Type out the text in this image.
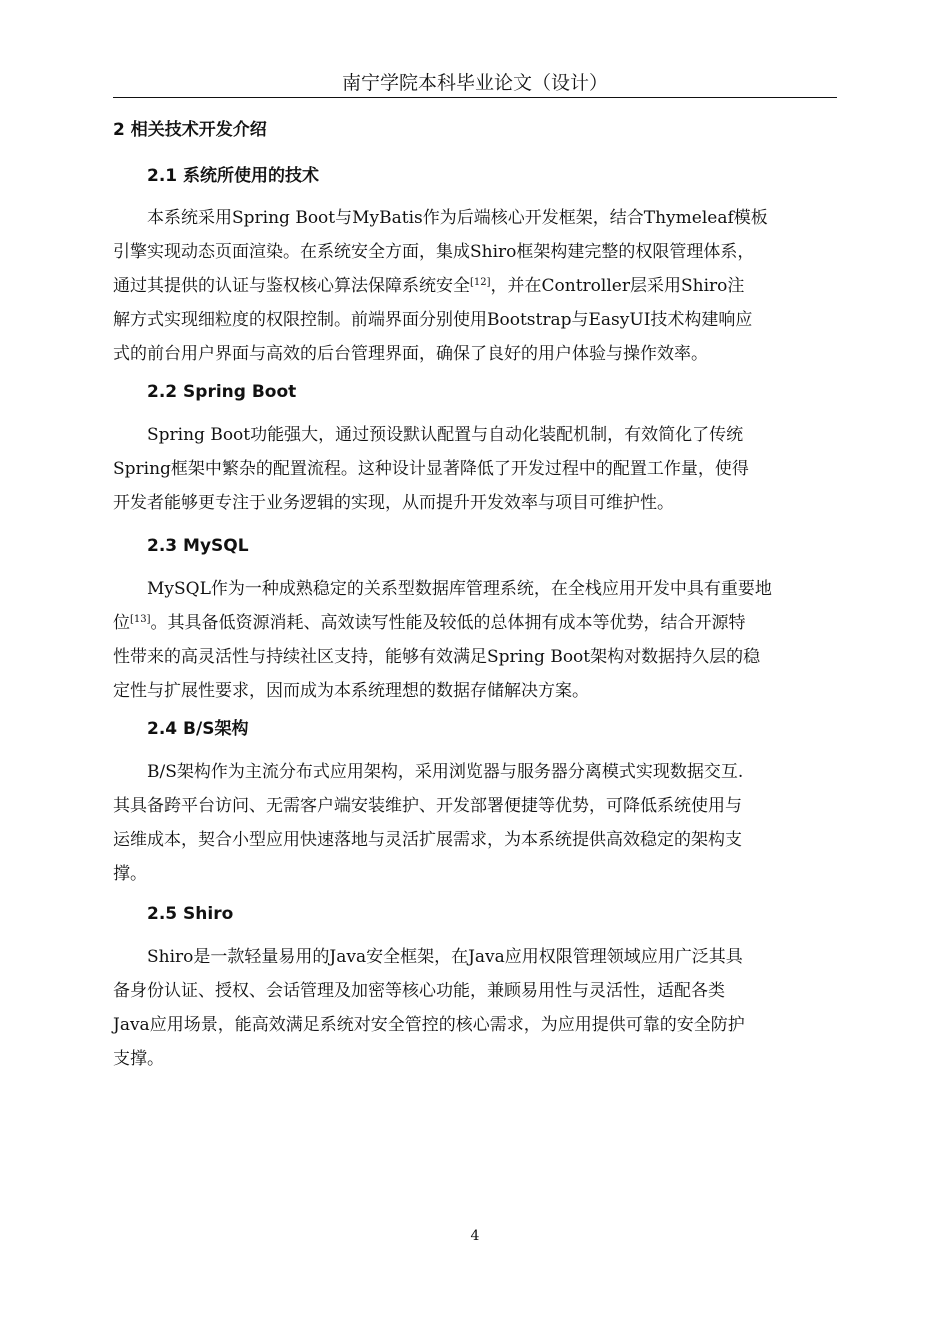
南宁学院本科毕业论文（设计）
2 相关技术开发介绍
2.1 系统所使用的技术

本系统采用Spring Boot与MyBatis作为后端核心开发框架，结合Thymeleaf模板
引擎实现动态页面渲染。在系统安全方面，集成Shiro框架构建完整的权限管理体系，
通过其提供的认证与鉴权核心算法保障系统安全[12]，并在Controller层采用Shiro注
解方式实现细粒度的权限控制。前端界面分别使用Bootstrap与EasyUI技术构建响应
式的前台用户界面与高效的后台管理界面，确保了良好的用户体验与操作效率。

2.2 Spring Boot

Spring Boot功能强大，通过预设默认配置与自动化装配机制，有效简化了传统
Spring框架中繁杂的配置流程。这种设计显著降低了开发过程中的配置工作量，使得
开发者能够更专注于业务逻辑的实现，从而提升开发效率与项目可维护性。

2.3 MySQL

MySQL作为一种成熟稳定的关系型数据库管理系统，在全栈应用开发中具有重要地
位[13]。其具备低资源消耗、高效读写性能及较低的总体拥有成本等优势，结合开源特
性带来的高灵活性与持续社区支持，能够有效满足Spring Boot架构对数据持久层的稳
定性与扩展性要求，因而成为本系统理想的数据存储解决方案。

2.4 B/S架构

B/S架构作为主流分布式应用架构，采用浏览器与服务器分离模式实现数据交互.
其具备跨平台访问、无需客户端安装维护、开发部署便捷等优势，可降低系统使用与
运维成本，契合小型应用快速落地与灵活扩展需求，为本系统提供高效稳定的架构支
撑。

2.5 Shiro

Shiro是一款轻量易用的Java安全框架，在Java应用权限管理领域应用广泛其具
备身份认证、授权、会话管理及加密等核心功能，兼顾易用性与灵活性，适配各类
Java应用场景，能高效满足系统对安全管控的核心需求，为应用提供可靠的安全防护
支撑。

4
